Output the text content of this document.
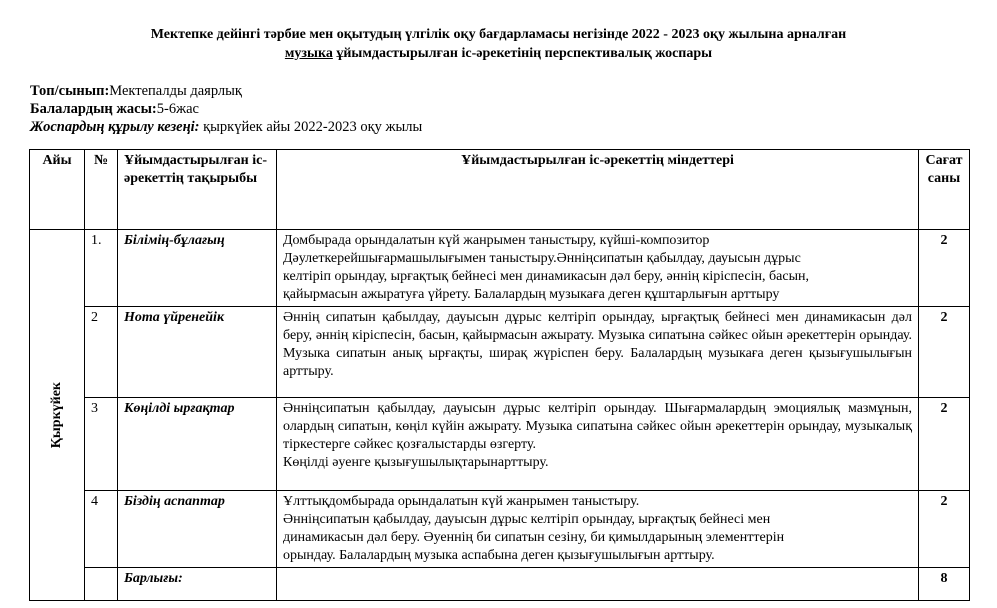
Мектепке дейінгі тәрбие мен оқытудың үлгілік оқу бағдарламасы негізінде 2022 - 2023 оқу жылына арналған
музыка ұйымдастырылған іс-әрекетінің перспективалық жоспары
Топ/сынып:Мектепалды даярлық
Балалардың жасы:5-6жас
Жоспардың құрылу кезеңі: қыркүйек айы 2022-2023 оқу жылы
Айы	№	Ұйымдастырылған іс-әрекеттің тақырыбы	Ұйымдастырылған іс-әрекеттің міндеттері	Сағат саны

Қыркүйек	1.	Білімің-бұлағың	Домбырада орындалатын күй жанрымен таныстыру, күйші-композитор
Дәулеткерейшығармашылығымен таныстыру.Әннiңсипатын қабылдау, дауысын дұрыс
келтiрiп орындау, ырғақтық бейнесi мен динамикасын дәл беру, әннің кіріспесін, басын,
қайырмасын ажыратуға үйрету. Балалардың музыкаға деген құштарлығын арттыру	2
	2	Нота үйренейік	Әннiң сипатын қабылдау, дауысын дұрыс келтiрiп орындау, ырғақтық бейнесi мен динамикасын дәл беру, әннің кіріспесін, басын, қайырмасын ажырату. Музыка сипатына сәйкес ойын әрекеттерін орындау. Музыка сипатын анық ырғақты, ширақ жүріспен беру. Балалардың музыкаға деген қызығушылығын арттыру.	2
	3	Көңілді ырғақтар	Әннiңсипатын қабылдау, дауысын дұрыс келтiрiп орындау. Шығармалардың эмоциялық мазмұнын, олардың сипатын, көңіл күйін ажырату. Музыка сипатына сәйкес ойын әрекеттерін орындау, музыкалық тіркестерге сәйкес қозғалыстарды өзгерту.
Көңілді әуенге қызығушылықтарынарттыру.	2
	4	Біздің аспаптар	Ұлттықдомбырада орындалатын күй жанрымен таныстыру.
Әннiңсипатын қабылдау, дауысын дұрыс келтiрiп орындау, ырғақтық бейнесi мен
динамикасын дәл беру. Әуеннің би сипатын сезіну, би қимылдарының элементтерін
орындау. Балалардың музыка аспабына деген қызығушылығын арттыру.	2
		Барлығы:		8
